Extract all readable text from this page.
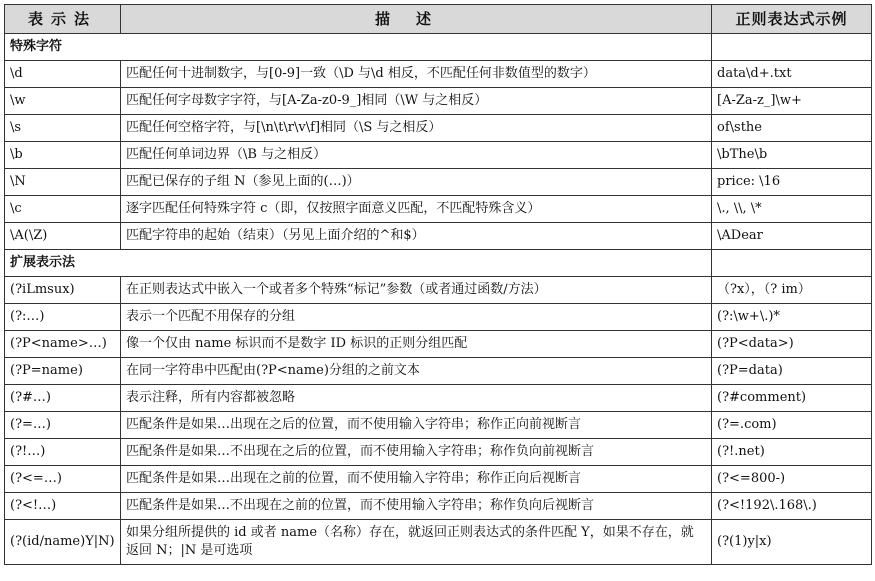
表示法	描述	正则表达式示例
特殊字符		
\d	匹配任何十进制数字，与[0-9]一致（\D 与\d 相反，不匹配任何非数值型的数字）	data\d+.txt
\w	匹配任何字母数字字符，与[A-Za-z0-9_]相同（\W 与之相反）	[A-Za-z_]\w+
\s	匹配任何空格字符，与[\n\t\r\v\f]相同（\S 与之相反）	of\sthe
\b	匹配任何单词边界（\B 与之相反）	\bThe\b
\N	匹配已保存的子组 N（参见上面的(…)）	price: \16
\c	逐字匹配任何特殊字符 c（即，仅按照字面意义匹配，不匹配特殊含义）	\., \\, \*
\A(\Z)	匹配字符串的起始（结束）（另见上面介绍的^和$）	\ADear
扩展表示法		
(?iLmsux)	在正则表达式中嵌入一个或者多个特殊“标记”参数（或者通过函数/方法）	（?x），（? im）
(?:…)	表示一个匹配不用保存的分组	(?:\w+\.)*
(?P<name>…)	像一个仅由 name 标识而不是数字 ID 标识的正则分组匹配	(?P<data>)
(?P=name)	在同一字符串中匹配由(?P<name)分组的之前文本	(?P=data)
(?#…)	表示注释，所有内容都被忽略	(?#comment)
(?=…)	匹配条件是如果…出现在之后的位置，而不使用输入字符串；称作正向前视断言	(?=.com)
(?!…)	匹配条件是如果…不出现在之后的位置，而不使用输入字符串；称作负向前视断言	(?!.net)
(?<=…)	匹配条件是如果…出现在之前的位置，而不使用输入字符串；称作正向后视断言	(?<=800-)
(?<!…)	匹配条件是如果…不出现在之前的位置，而不使用输入字符串；称作负向后视断言	(?<!192\.168\.)
(?(id/name)Y|N)	如果分组所提供的 id 或者 name（名称）存在，就返回正则表达式的条件匹配 Y，如果不存在，就返回 N；|N 是可选项	(?(1)y|x)
